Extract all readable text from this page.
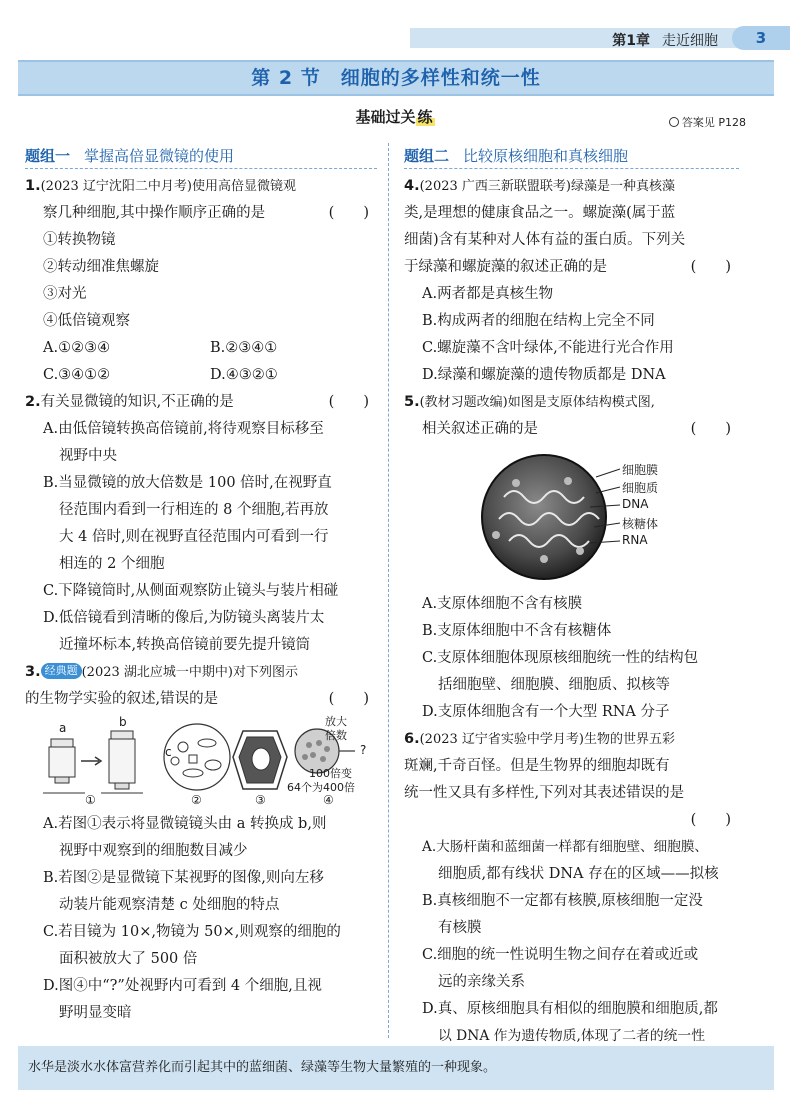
第1章 走近细胞	3
第 2 节　细胞的多样性和统一性
基础过关 练	答案见 P128
题组一 掌握高倍显微镜的使用
1.(2023 辽宁沈阳二中月考)使用高倍显微镜观
察几种细胞,其中操作顺序正确的是	(　　)
①转换物镜
②转动细准焦螺旋
③对光
④低倍镜观察
A.①②③④	B.②③④①
C.③④①②	D.④③②①
2.有关显微镜的知识,不正确的是	(　　)
A.由低倍镜转换高倍镜前,将待观察目标移至
视野中央
B.当显微镜的放大倍数是 100 倍时,在视野直
径范围内看到一行相连的 8 个细胞,若再放
大 4 倍时,则在视野直径范围内可看到一行
相连的 2 个细胞
C.下降镜筒时,从侧面观察防止镜头与装片相碰
D.低倍镜看到清晰的像后,为防镜头离装片太
近撞坏标本,转换高倍镜前要先提升镜筒
3. 经典题 (2023 湖北应城一中期中)对下列图示
的生物学实验的叙述,错误的是	(　　)
a	b
c
放大
倍数
?
100倍变
64个为400倍
①	②	③	④
A.若图①表示将显微镜镜头由 a 转换成 b,则
视野中观察到的细胞数目减少
B.若图②是显微镜下某视野的图像,则向左移
动装片能观察清楚 c 处细胞的特点
C.若目镜为 10×,物镜为 50×,则观察的细胞的
面积被放大了 500 倍
D.图④中“?”处视野内可看到 4 个细胞,且视
野明显变暗
题组二 比较原核细胞和真核细胞
4.(2023 广西三新联盟联考)绿藻是一种真核藻
类,是理想的健康食品之一。螺旋藻(属于蓝
细菌)含有某种对人体有益的蛋白质。下列关
于绿藻和螺旋藻的叙述正确的是	(　　)
A.两者都是真核生物
B.构成两者的细胞在结构上完全不同
C.螺旋藻不含叶绿体,不能进行光合作用
D.绿藻和螺旋藻的遗传物质都是 DNA
5.(教材习题改编)如图是支原体结构模式图,
相关叙述正确的是	(　　)
细胞膜
细胞质
DNA
核糖体
RNA
A.支原体细胞不含有核膜
B.支原体细胞中不含有核糖体
C.支原体细胞体现原核细胞统一性的结构包
括细胞壁、细胞膜、细胞质、拟核等
D.支原体细胞含有一个大型 RNA 分子
6.(2023 辽宁省实验中学月考)生物的世界五彩
斑斓,千奇百怪。但是生物界的细胞却既有
统一性又具有多样性,下列对其表述错误的是
(　　)

A.大肠杆菌和蓝细菌一样都有细胞壁、细胞膜、
细胞质,都有线状 DNA 存在的区域——拟核
B.真核细胞不一定都有核膜,原核细胞一定没
有核膜
C.细胞的统一性说明生物之间存在着或近或
远的亲缘关系
D.真、原核细胞具有相似的细胞膜和细胞质,都
以 DNA 作为遗传物质,体现了二者的统一性
水华是淡水水体富营养化而引起其中的蓝细菌、绿藻等生物大量繁殖的一种现象。
